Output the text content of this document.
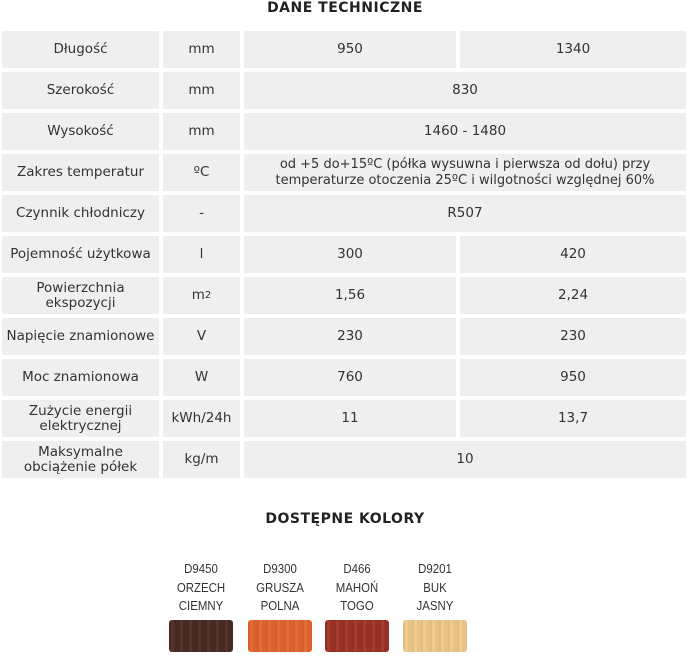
DANE TECHNICZNE
Długość	mm	950	1340
Szerokość	mm	830
Wysokość	mm	1460 - 1480
Zakres temperatur	ºC	od +5 do+15ºC (półka wysuwna i pierwsza od dołu) przy temperaturze otoczenia 25ºC i wilgotności względnej 60%
Czynnik chłodniczy	-	R507
Pojemność użytkowa	l	300	420
Powierzchnia ekspozycji	m 2	1,56	2,24
Napięcie znamionowe	V	230	230
Moc znamionowa	W	760	950
Zużycie energii elektrycznej	kWh/24h	11	13,7
Maksymalne obciążenie półek	kg/m	10
DOSTĘPNE KOLORY
D9450
ORZECH
CIEMNY
D9300
GRUSZA
POLNA
D466
MAHOŃ
TOGO
D9201
BUK
JASNY
